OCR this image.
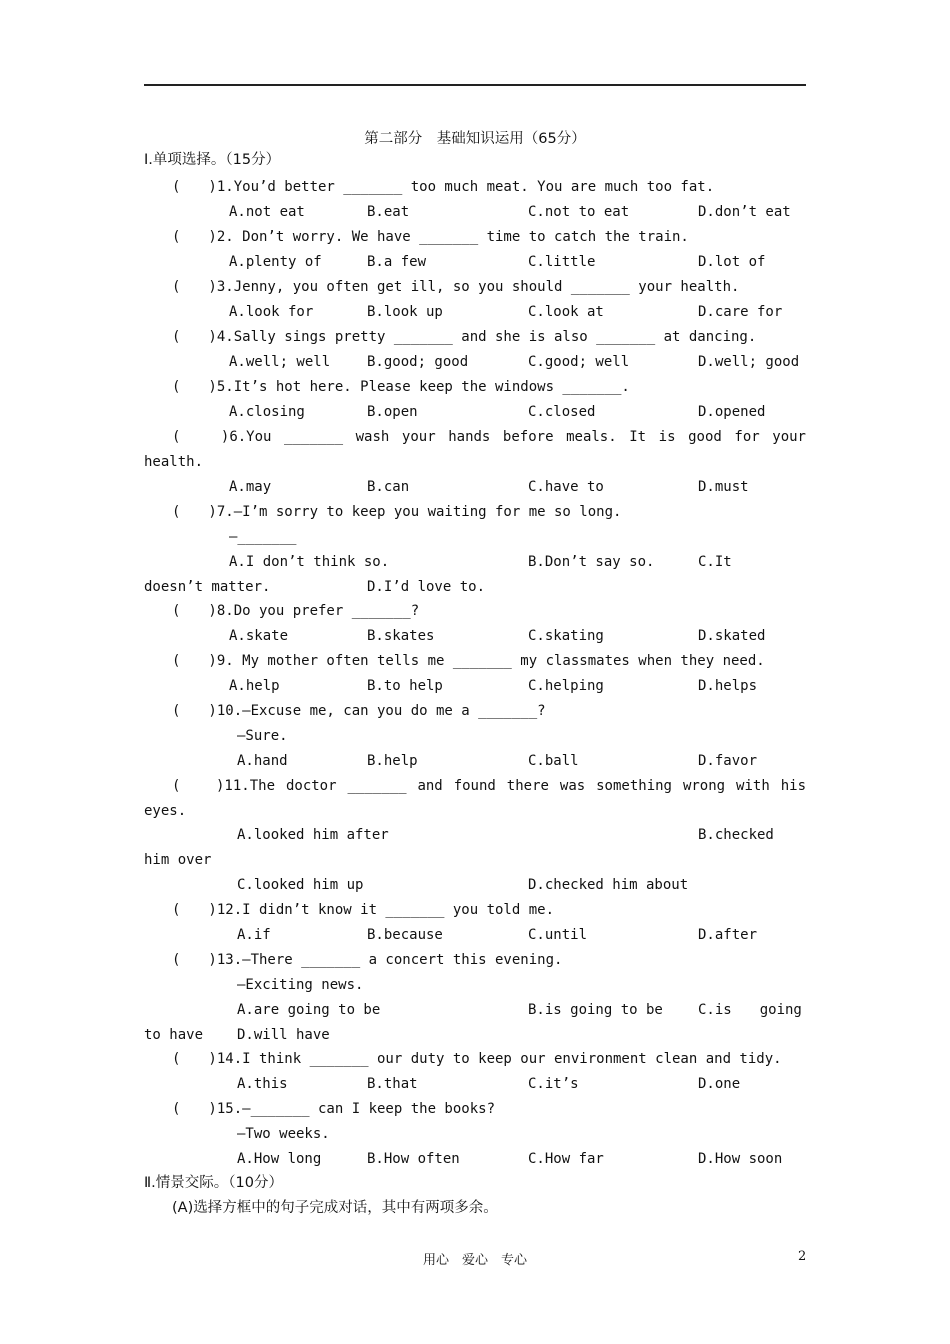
第二部分　基础知识运用（65分）
Ⅰ.单项选择。（15分）
(　　)1.You’d better _______ too much meat. You are much too fat.
A.not eat	B.eat	C.not to eat	D.don’t eat
(　　)2. Don’t worry. We have _______ time to catch the train.
A.plenty of	B.a few	C.little	D.lot of
(　　)3.Jenny, you often get ill, so you should _______ your health.
A.look for	B.look up	C.look at	D.care for
(　　)4.Sally sings pretty _______ and she is also _______ at dancing.
A.well; well	B.good; good	C.good; well	D.well; good
(　　)5.It’s hot here. Please keep the windows _______.
A.closing	B.open	C.closed	D.opened
(　　)6.You _______ wash your hands before meals. It is good for your
health.
A.may	B.can	C.have to	D.must
(　　)7.—I’m sorry to keep you waiting for me so long.
—_______
A.I don’t think so.	B.Don’t say so.	C.It
doesn’t matter.	D.I’d love to.
(　　)8.Do you prefer _______?
A.skate	B.skates	C.skating	D.skated
(　　)9. My mother often tells me _______ my classmates when they need.
A.help	B.to help	C.helping	D.helps
(　　)10.—Excuse me, can you do me a _______?
—Sure.
A.hand	B.help	C.ball	D.favor
(　　)11.The doctor _______ and found there was something wrong with his
eyes.
A.looked him after	B.checked
him over
C.looked him up	D.checked him about
(　　)12.I didn’t know it _______ you told me.
A.if	B.because	C.until	D.after
(　　)13.—There _______ a concert this evening.
—Exciting news.
A.are going to be	B.is going to be	C.is　　going
to have D.will have
(　　)14.I think _______ our duty to keep our environment clean and tidy.
A.this	B.that	C.it’s	D.one
(　　)15.—_______ can I keep the books?
—Two weeks.
A.How long	B.How often	C.How far	D.How soon
Ⅱ.情景交际。（10分）
(A)选择方框中的句子完成对话，其中有两项多余。
用心　爱心　专心	2
